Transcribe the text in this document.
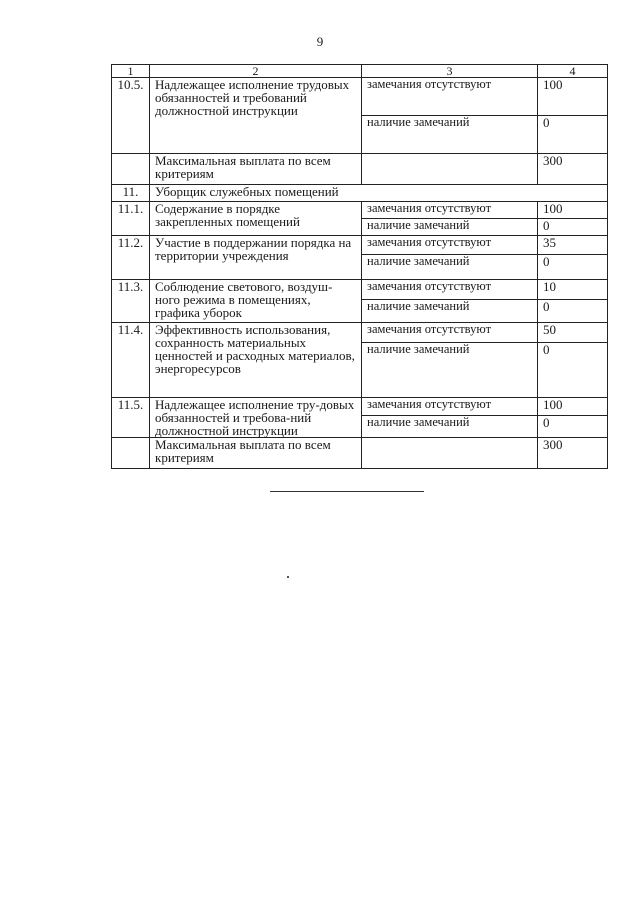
9
1	2	3	4
10.5.	Надлежащее исполнение трудовых обязанностей и требований должностной инструкции	замечания отсутствуют	100
		наличие замечаний	0
	Максимальная выплата по всем критериям		300
11.	Уборщик служебных помещений		
11.1.	Содержание в порядке закрепленных помещений	замечания отсутствуют	100
		наличие замечаний	0
11.2.	Участие в поддержании порядка на территории учреждения	замечания отсутствуют	35
		наличие замечаний	0
11.3.	Соблюдение светового, воздуш-ного режима в помещениях, графика уборок	замечания отсутствуют	10
		наличие замечаний	0
11.4.	Эффективность использования, сохранность материальных ценностей и расходных материалов, энергоресурсов	замечания отсутствуют	50
		наличие замечаний	0
11.5.	Надлежащее исполнение тру-довых обязанностей и требова-ний должностной инструкции	замечания отсутствуют	100
		наличие замечаний	0
	Максимальная выплата по всем критериям		300
